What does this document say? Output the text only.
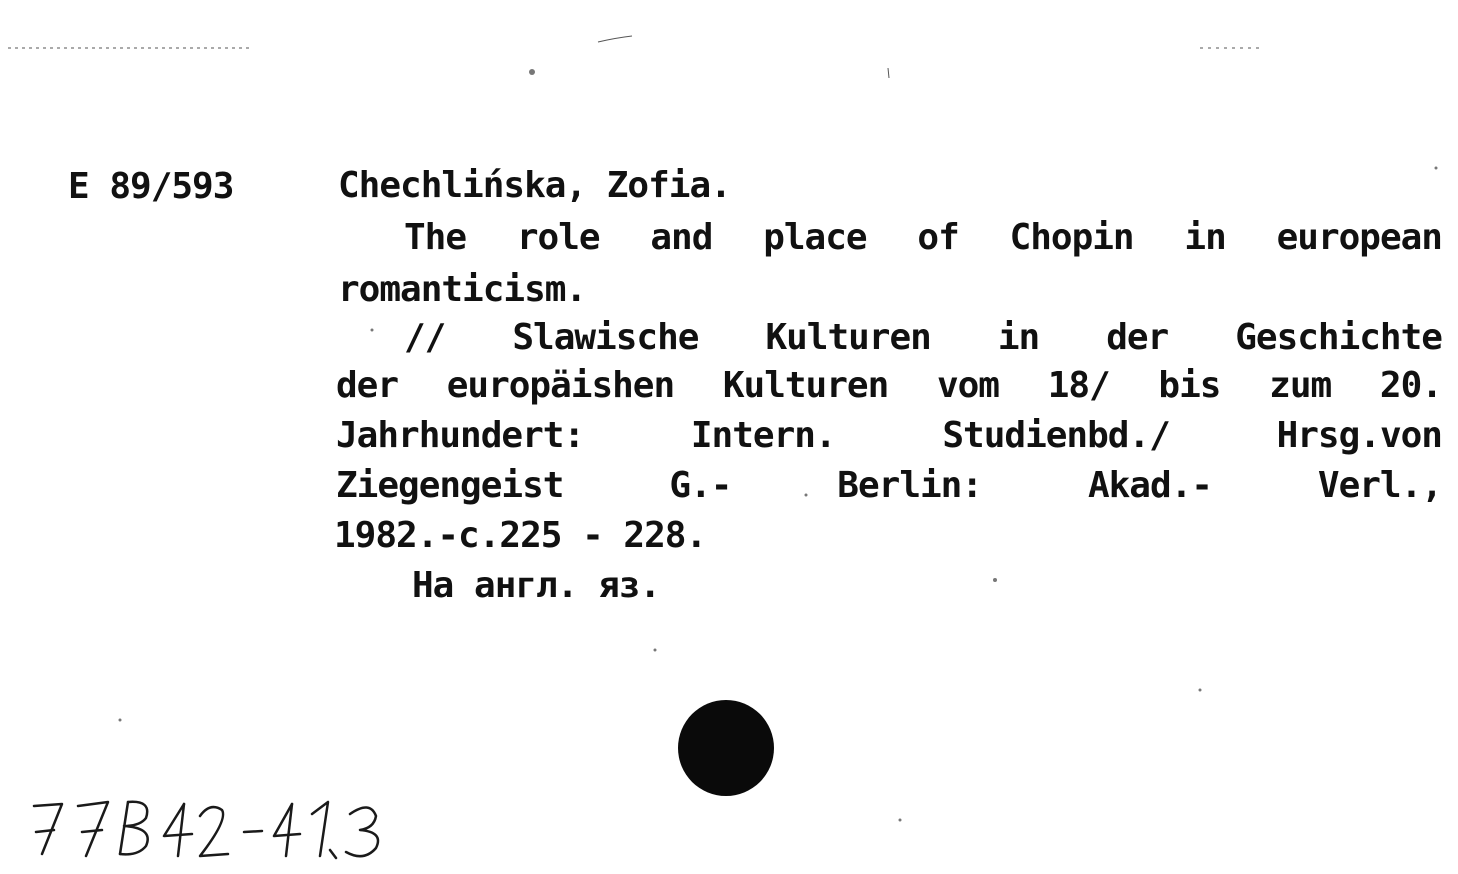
E 89/593	Chechlińska, Zofia.
The role and place of Chopin in european
romanticism.
// Slawische Kulturen in der Geschichte
der europäishen Kulturen vom 18/ bis zum 20.
Jahrhundert:	Intern.	Studienbd./	Hrsg.von
Ziegengeist	G.-	Berlin:	Akad.-	Verl.,
1982.-c.225 - 228.
На англ. яз.
